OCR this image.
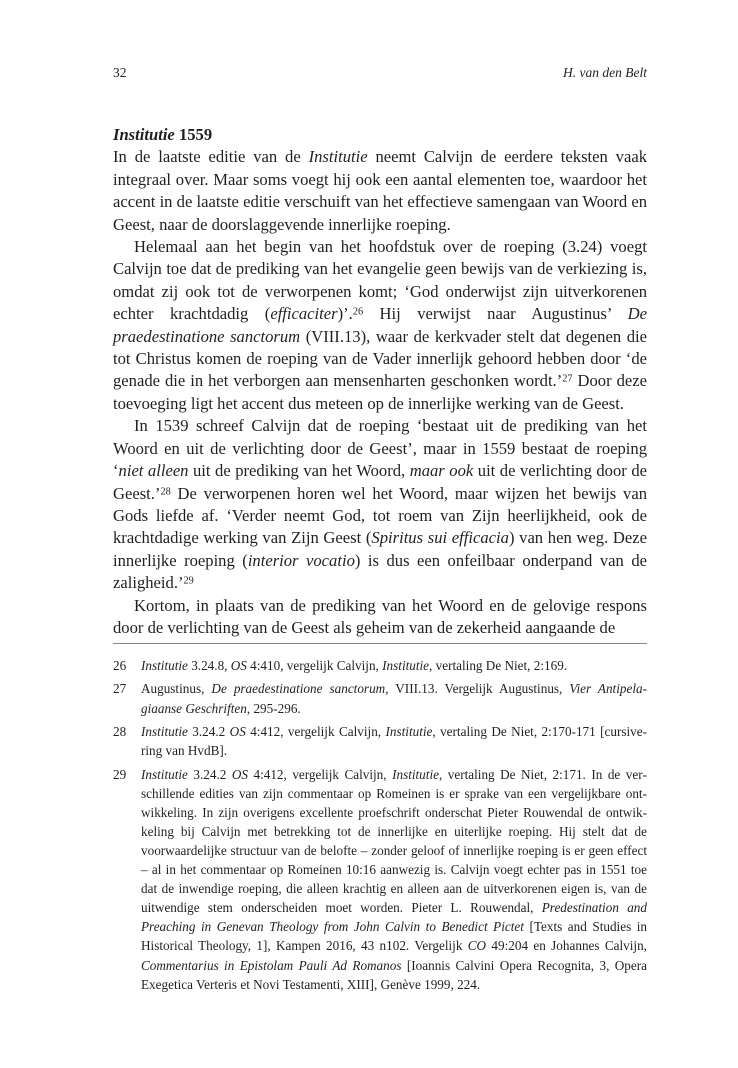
32	H. van den Belt

Institutie 1559

In de laatste editie van de Institutie neemt Calvijn de eerdere teksten vaak integraal over. Maar soms voegt hij ook een aantal elementen toe, waardoor het accent in de laatste editie verschuift van het effectieve samengaan van Woord en Geest, naar de doorslaggevende innerlijke roeping.

Helemaal aan het begin van het hoofdstuk over de roeping (3.24) voegt Calvijn toe dat de prediking van het evangelie geen bewijs van de verkiezing is, omdat zij ook tot de verworpenen komt; ‘God onderwijst zijn uitverkorenen echter krachtdadig (efficaciter)’.$^{26}$ Hij verwijst naar Augustinus’ De praedestinatione sanctorum (VIII.13), waar de kerkvader stelt dat degenen die tot Christus komen de roeping van de Vader innerlijk gehoord hebben door ‘de genade die in het verborgen aan mensenharten geschonken wordt.’$^{27}$ Door deze toevoeging ligt het accent dus meteen op de innerlijke werking van de Geest.

In 1539 schreef Calvijn dat de roeping ‘bestaat uit de prediking van het Woord en uit de verlichting door de Geest’, maar in 1559 bestaat de roeping ‘niet alleen uit de prediking van het Woord, maar ook uit de verlichting door de Geest.’$^{28}$ De verworpenen horen wel het Woord, maar wijzen het bewijs van Gods liefde af. ‘Verder neemt God, tot roem van Zijn heerlijkheid, ook de krachtdadige werking van Zijn Geest (Spiritus sui efficacia) van hen weg. Deze innerlijke roeping (interior vocatio) is dus een onfeilbaar onderpand van de zaligheid.’$^{29}$

Kortom, in plaats van de prediking van het Woord en de gelovige respons door de verlichting van de Geest als geheim van de zekerheid aangaande de

26 Institutie 3.24.8, OS 4:410, vergelijk Calvijn, Institutie, vertaling De Niet, 2:169.

27 Augustinus, De praedestinatione sanctorum, VIII.13. Vergelijk Augustinus, Vier Antipelagiaanse Geschriften, 295-296.

28 Institutie 3.24.2 OS 4:412, vergelijk Calvijn, Institutie, vertaling De Niet, 2:170-171 [cursivering van HvdB].

29 Institutie 3.24.2 OS 4:412, vergelijk Calvijn, Institutie, vertaling De Niet, 2:171. In de verschillende edities van zijn commentaar op Romeinen is er sprake van een vergelijkbare ontwikkeling. In zijn overigens excellente proefschrift onderschat Pieter Rouwendal de ontwikkeling bij Calvijn met betrekking tot de innerlijke en uiterlijke roeping. Hij stelt dat de voorwaardelijke structuur van de belofte – zonder geloof of innerlijke roeping is er geen effect – al in het commentaar op Romeinen 10:16 aanwezig is. Calvijn voegt echter pas in 1551 toe dat de inwendige roeping, die alleen krachtig en alleen aan de uitverkorenen eigen is, van de uitwendige stem onderscheiden moet worden. Pieter L. Rouwendal, Predestination and Preaching in Genevan Theology from John Calvin to Benedict Pictet [Texts and Studies in Historical Theology, 1], Kampen 2016, 43 n102. Vergelijk CO 49:204 en Johannes Calvijn, Commentarius in Epistolam Pauli Ad Romanos [Ioannis Calvini Opera Recognita, 3, Opera Exegetica Verteris et Novi Testamenti, XIII], Genève 1999, 224.
